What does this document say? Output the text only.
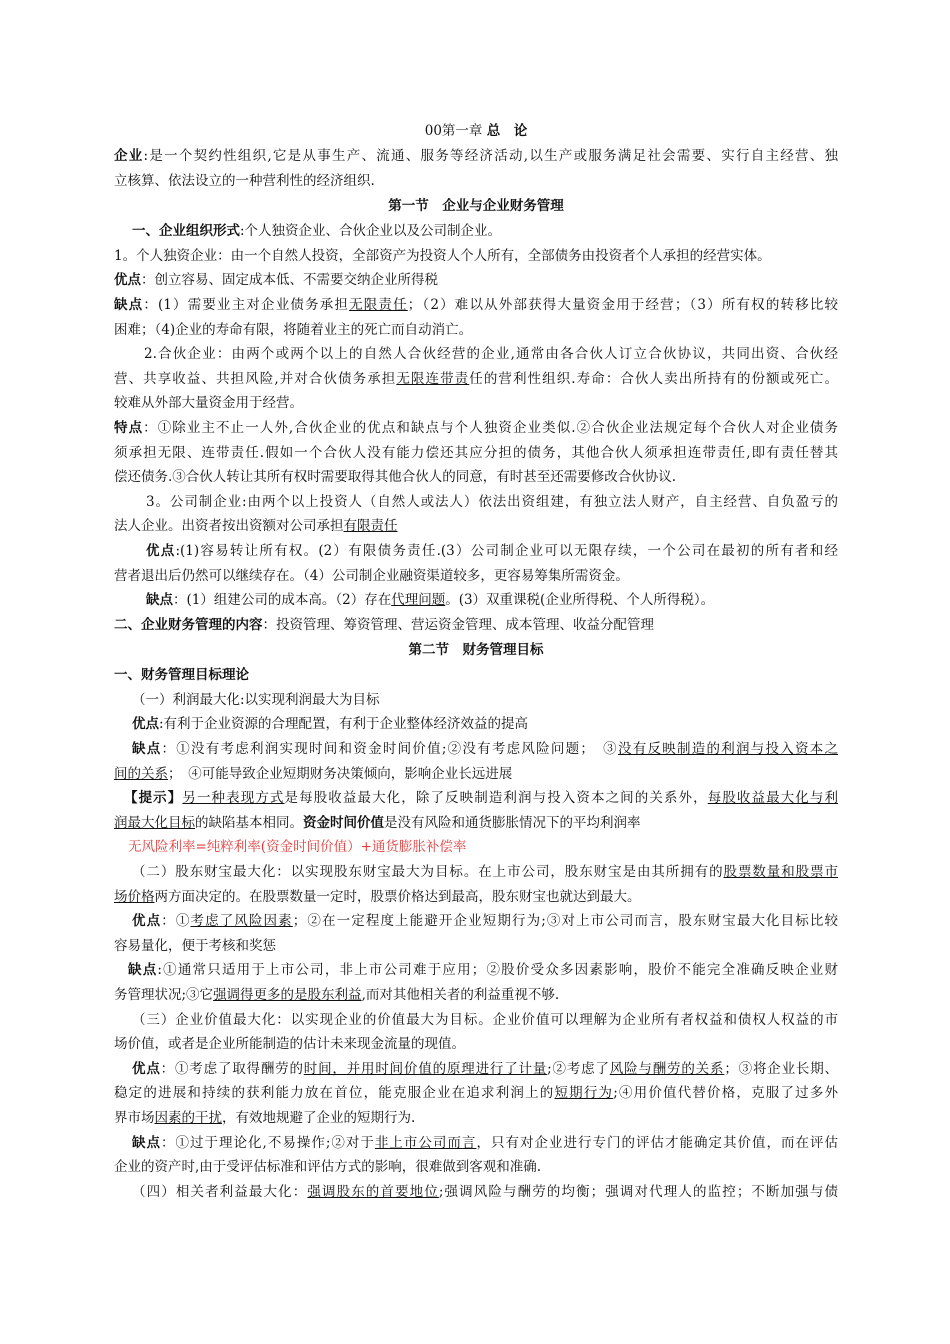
00第一章 总　论
企业:是一个契约性组织,它是从事生产、流通、服务等经济活动,以生产或服务满足社会需要、实行自主经营、独
立核算、依法设立的一种营利性的经济组织.
第一节　企业与企业财务管理
一、企业组织形式:个人独资企业、合伙企业以及公司制企业。
1。个人独资企业：由一个自然人投资，全部资产为投资人个人所有，全部债务由投资者个人承担的经营实体。
优点：创立容易、固定成本低、不需要交纳企业所得税
缺点：(1）需要业主对企业债务承担无限责任；（2）难以从外部获得大量资金用于经营；（3）所有权的转移比较
困难；（4)企业的寿命有限，将随着业主的死亡而自动消亡。
2.合伙企业：由两个或两个以上的自然人合伙经营的企业,通常由各合伙人订立合伙协议，共同出资、合伙经
营、共享收益、共担风险,并对合伙债务承担无限连带责任的营利性组织.寿命：合伙人卖出所持有的份额或死亡。
较难从外部大量资金用于经营。
特点：①除业主不止一人外,合伙企业的优点和缺点与个人独资企业类似.②合伙企业法规定每个合伙人对企业债务
须承担无限、连带责任.假如一个合伙人没有能力偿还其应分担的债务，其他合伙人须承担连带责任,即有责任替其
偿还债务.③合伙人转让其所有权时需要取得其他合伙人的同意，有时甚至还需要修改合伙协议.
3。公司制企业:由两个以上投资人（自然人或法人）依法出资组建，有独立法人财产，自主经营、自负盈亏的
法人企业。出资者按出资额对公司承担有限责任
优点:(1)容易转让所有权。(2）有限债务责任.(3）公司制企业可以无限存续，一个公司在最初的所有者和经
营者退出后仍然可以继续存在。（4）公司制企业融资渠道较多，更容易筹集所需资金。
缺点：(1）组建公司的成本高。（2）存在代理问题。(3）双重课税(企业所得税、个人所得税）。
二、企业财务管理的内容：投资管理、筹资管理、营运资金管理、成本管理、收益分配管理
第二节　财务管理目标
一、财务管理目标理论
（一）利润最大化:以实现利润最大为目标
优点:有利于企业资源的合理配置，有利于企业整体经济效益的提高
缺点：①没有考虑利润实现时间和资金时间价值;②没有考虑风险问题；　③没有反映制造的利润与投入资本之
间的关系；　④可能导致企业短期财务决策倾向，影响企业长远进展
【提示】另一种表现方式是每股收益最大化，除了反映制造利润与投入资本之间的关系外，每股收益最大化与利
润最大化目标的缺陷基本相同。资金时间价值是没有风险和通货膨胀情况下的平均利润率
无风险利率=纯粹利率(资金时间价值）+通货膨胀补偿率
（二）股东财宝最大化：以实现股东财宝最大为目标。在上市公司，股东财宝是由其所拥有的股票数量和股票市
场价格两方面决定的。在股票数量一定时，股票价格达到最高，股东财宝也就达到最大。
优点：①考虑了风险因素；②在一定程度上能避开企业短期行为;③对上市公司而言，股东财宝最大化目标比较
容易量化，便于考核和奖惩
缺点:①通常只适用于上市公司，非上市公司难于应用；②股价受众多因素影响，股价不能完全准确反映企业财
务管理状况;③它强调得更多的是股东利益,而对其他相关者的利益重视不够.
（三）企业价值最大化：以实现企业的价值最大为目标。企业价值可以理解为企业所有者权益和债权人权益的市
场价值，或者是企业所能制造的估计未来现金流量的现值。
优点：①考虑了取得酬劳的时间，并用时间价值的原理进行了计量;②考虑了风险与酬劳的关系；③将企业长期、
稳定的进展和持续的获利能力放在首位，能克服企业在追求利润上的短期行为;④用价值代替价格，克服了过多外
界市场因素的干扰，有效地规避了企业的短期行为.
缺点：①过于理论化,不易操作;②对于非上市公司而言，只有对企业进行专门的评估才能确定其价值，而在评估
企业的资产时,由于受评估标准和评估方式的影响，很难做到客观和准确.
（四）相关者利益最大化：强调股东的首要地位;强调风险与酬劳的均衡；强调对代理人的监控；不断加强与债
